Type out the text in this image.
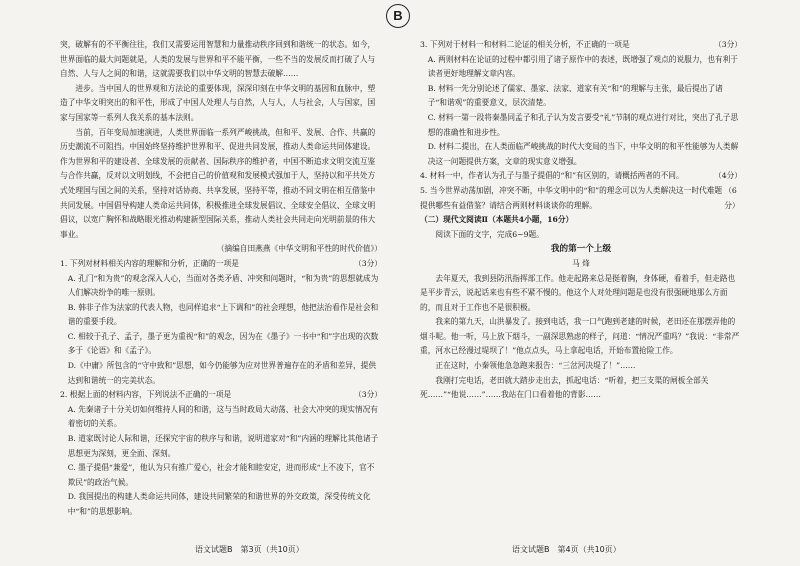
B

突，破解有的不平衡往往，我们又需要运用智慧和力量推动秩序回到和谐统一的状态。如今，世界面临的最大问题就是，人类的发展与世界和平不能平衡，一些不当的发展反而打破了人与自然、人与人之间的和谐，这就需要我们以中华文明的智慧去破解……

进步。当中国人的世界观和方法论的重要体现，深深印刻在中华文明的基因和血脉中，塑造了中华文明突出的和平性，形成了中国人处理人与自然，人与人，人与社会，人与国家，国家与国家等一系列人我关系的基本法则。

当前，百年变局加速演进，人类世界面临一系列严峻挑战，但和平、发展、合作、共赢的历史潮流不可阻挡。中国始终坚持维护世界和平、促进共同发展，推动人类命运共同体建设。作为世界和平的建设者、全球发展的贡献者、国际秩序的维护者，中国不断追求文明交流互鉴与合作共赢，反对以文明划线，不会把自己的价值观和发展模式强加于人，坚持以和平共处方式处理国与国之间的关系，坚持对话协商、共享发展，坚持平等，推动不同文明在相互借鉴中共同发展。中国倡导构建人类命运共同体，积极推进全球发展倡议、全球安全倡议、全球文明倡议，以宽广胸怀和战略眼光推动构建新型国际关系，推动人类社会共同走向光明前景的伟大事业。

（摘编自田燕燕《中华文明和平性的时代价值》）

1. 下列对材料相关内容的理解和分析，正确的一项是	（3分）

A. 孔门“和为贵”的观念深入人心，当面对各类矛盾、冲突和问题时，“和为贵”的思想就成为人们解决纷争的唯一原则。

B. 韩非子作为法家的代表人物，也同样追求“上下调和”的社会理想，他把法治看作是社会和谐的重要手段。

C. 相较于孔子、孟子，墨子更为重视“和”的观念，因为在《墨子》一书中“和”字出现的次数多于《论语》和《孟子》。

D.《中庸》所包含的“守中致和”思想，如今仍能够为应对世界普遍存在的矛盾和差异，提供达到和谐统一的完美状态。

2. 根据上面的材料内容，下列说法不正确的一项是	（3分）

A. 先秦诸子十分关切如何维持人间的和谐，这与当时政局大动荡、社会大冲突的现实情况有着密切的关系。

B. 道家既讨论人际和谐，还探究宇宙的秩序与和谐，说明道家对“和”内涵的理解比其他诸子思想更为深刻，更全面、深刻。

C. 墨子提倡“兼爱”，他认为只有推广爱心，社会才能和睦安定，进而形成“上不凌下，官不欺民”的政治气候。

D. 我国提出的构建人类命运共同体，建设共同繁荣的和谐世界的外交政策，深受传统文化中“和”的思想影响。

3. 下列对于材料一和材料二论证的相关分析，不正确的一项是	（3分）

A. 两则材料在论证的过程中都引用了诸子原作中的表述，既增强了观点的说服力，也有利于读者更好地理解文章内容。

B. 材料一先分别论述了儒家、墨家、法家、道家有关“和”的理解与主张，最后提出了诸子“和谐观”的重要意义，层次清楚。

C. 材料一第一段将秦墨同孟子和孔子认为发言要受“礼”节制的观点进行对比，突出了孔子思想的准确性和进步性。

D. 材料二提出，在人类面临严峻挑战的时代大变局的当下，中华文明的和平性能够为人类解决这一问题提供方案，文章的现实意义增强。

4. 材料一中，作者认为孔子与墨子提倡的“和”有区别的，请概括两者的不同。	（4分）
5. 当今世界动荡加剧，冲突不断，中华文明中的“和”的理念可以为人类解决这一时代难题提供哪些有益借鉴？请结合两则材料谈谈你的理解。
（6分）

（二）现代文阅读Ⅱ（本题共4小题，16分）

阅读下面的文字，完成6~9题。

我的第一个上级

马 烽

去年夏天，我到县防汛指挥部工作。他走起路来总是挺着胸，身体硬，看着手，但走路也是平步青云，说起话来也有些不紧不慢的。他这个人对处理问题是也没有很强硬地那么方面的，而且对于工作也不是很积极。

我来的第九天，山洪暴发了。接到电话，我一口气跑到老建的时候，老田还在那摆弄他的烟斗呢。他一听，马上放下烟斗，一副深思熟虑的样子，问道：“情况严重吗？”我说：“非常严重，河水已经漫过堤坝了！”他点点头，马上拿起电话，开始布置抢险工作。

正在这时，小秦领他急急跑来报告：“三岔河决堤了！”……

我刚打完电话，老田就大踏步走出去，抓起电话：“听着，把三支渠的闸板全部关死……”“他说……”……我站在门口看着他的背影……

语文试题B　第3页（共10页）	语文试题B　第4页（共10页）
